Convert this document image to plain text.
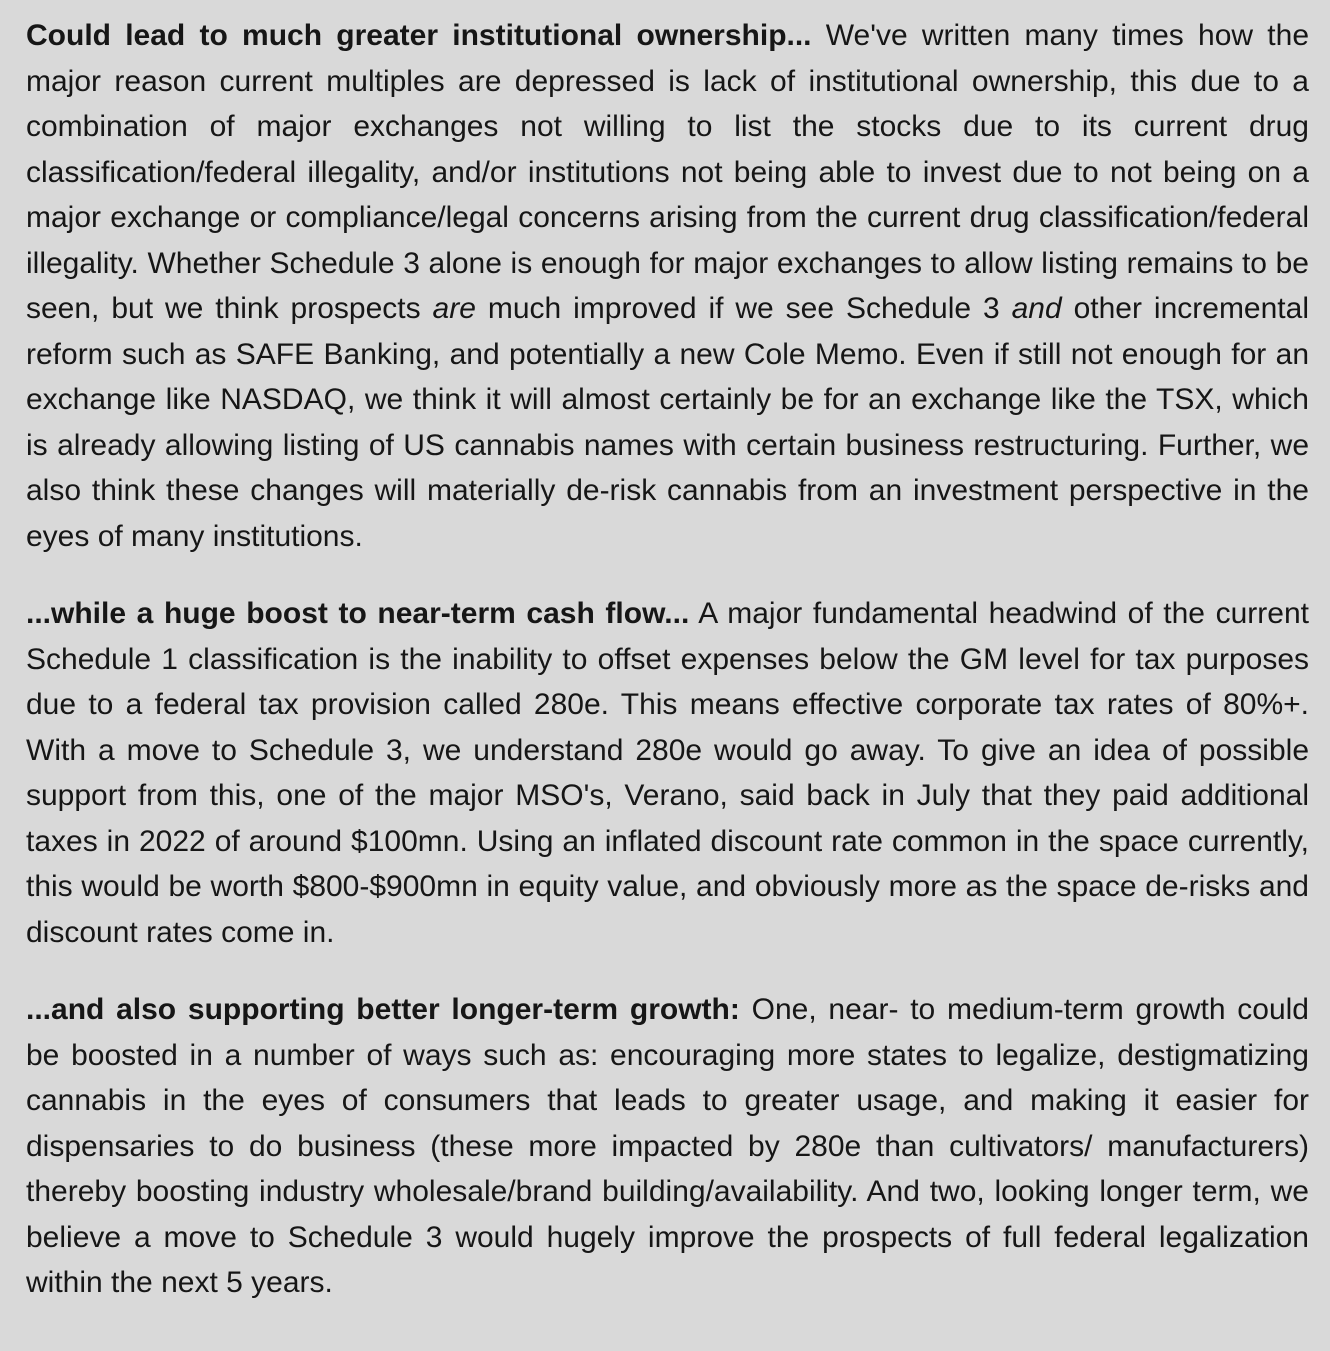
Could lead to much greater institutional ownership... We've written many times how the major reason current multiples are depressed is lack of institutional ownership, this due to a combination of major exchanges not willing to list the stocks due to its current drug classification/federal illegality, and/or institutions not being able to invest due to not being on a major exchange or compliance/legal concerns arising from the current drug classification/federal illegality. Whether Schedule 3 alone is enough for major exchanges to allow listing remains to be seen, but we think prospects are much improved if we see Schedule 3 and other incremental reform such as SAFE Banking, and potentially a new Cole Memo. Even if still not enough for an exchange like NASDAQ, we think it will almost certainly be for an exchange like the TSX, which is already allowing listing of US cannabis names with certain business restructuring. Further, we also think these changes will materially de-risk cannabis from an investment perspective in the eyes of many institutions.

...while a huge boost to near-term cash flow... A major fundamental headwind of the current Schedule 1 classification is the inability to offset expenses below the GM level for tax purposes due to a federal tax provision called 280e. This means effective corporate tax rates of 80%+. With a move to Schedule 3, we understand 280e would go away. To give an idea of possible support from this, one of the major MSO's, Verano, said back in July that they paid additional taxes in 2022 of around $100mn. Using an inflated discount rate common in the space currently, this would be worth $800-$900mn in equity value, and obviously more as the space de-risks and discount rates come in.

...and also supporting better longer-term growth: One, near- to medium-term growth could be boosted in a number of ways such as: encouraging more states to legalize, destigmatizing cannabis in the eyes of consumers that leads to greater usage, and making it easier for dispensaries to do business (these more impacted by 280e than cultivators/ manufacturers) thereby boosting industry wholesale/brand building/availability. And two, looking longer term, we believe a move to Schedule 3 would hugely improve the prospects of full federal legalization within the next 5 years.
